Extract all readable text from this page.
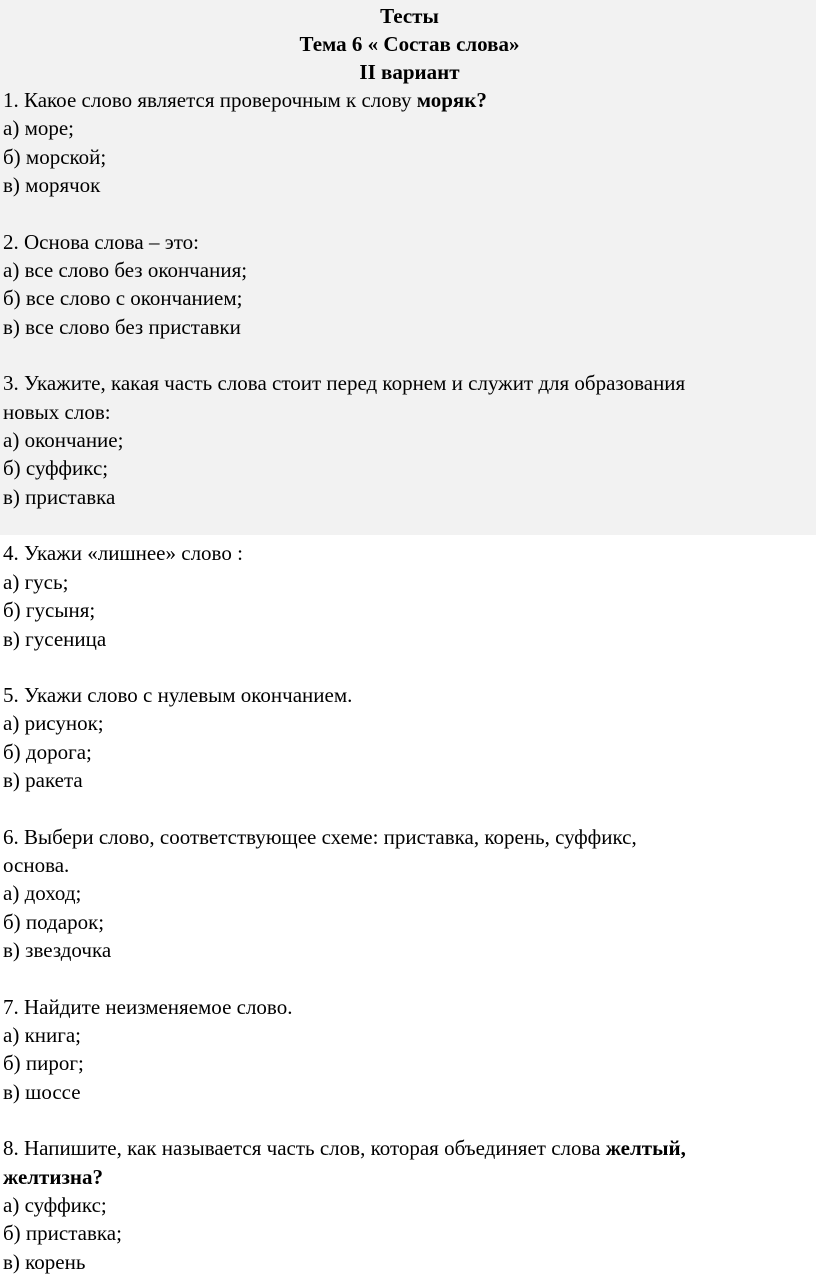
Тесты
Тема 6 « Состав слова»
II вариант
1. Какое слово является проверочным к слову моряк?
а) море;
б) морской;
в) морячок
2. Основа слова – это:
а) все слово без окончания;
б) все слово с окончанием;
в) все слово без приставки
3. Укажите, какая часть слова стоит перед корнем и служит для образования
новых слов:
а) окончание;
б) суффикс;
в) приставка
4. Укажи «лишнее» слово :
а) гусь;
б) гусыня;
в) гусеница
5. Укажи слово с нулевым окончанием.
а) рисунок;
б) дорога;
в) ракета
6. Выбери слово, соответствующее схеме: приставка, корень, суффикс,
основа.
а) доход;
б) подарок;
в) звездочка
7. Найдите неизменяемое слово.
а) книга;
б) пирог;
в) шоссе
8. Напишите, как называется часть слов, которая объединяет слова желтый,
желтизна?
а) суффикс;
б) приставка;
в) корень
